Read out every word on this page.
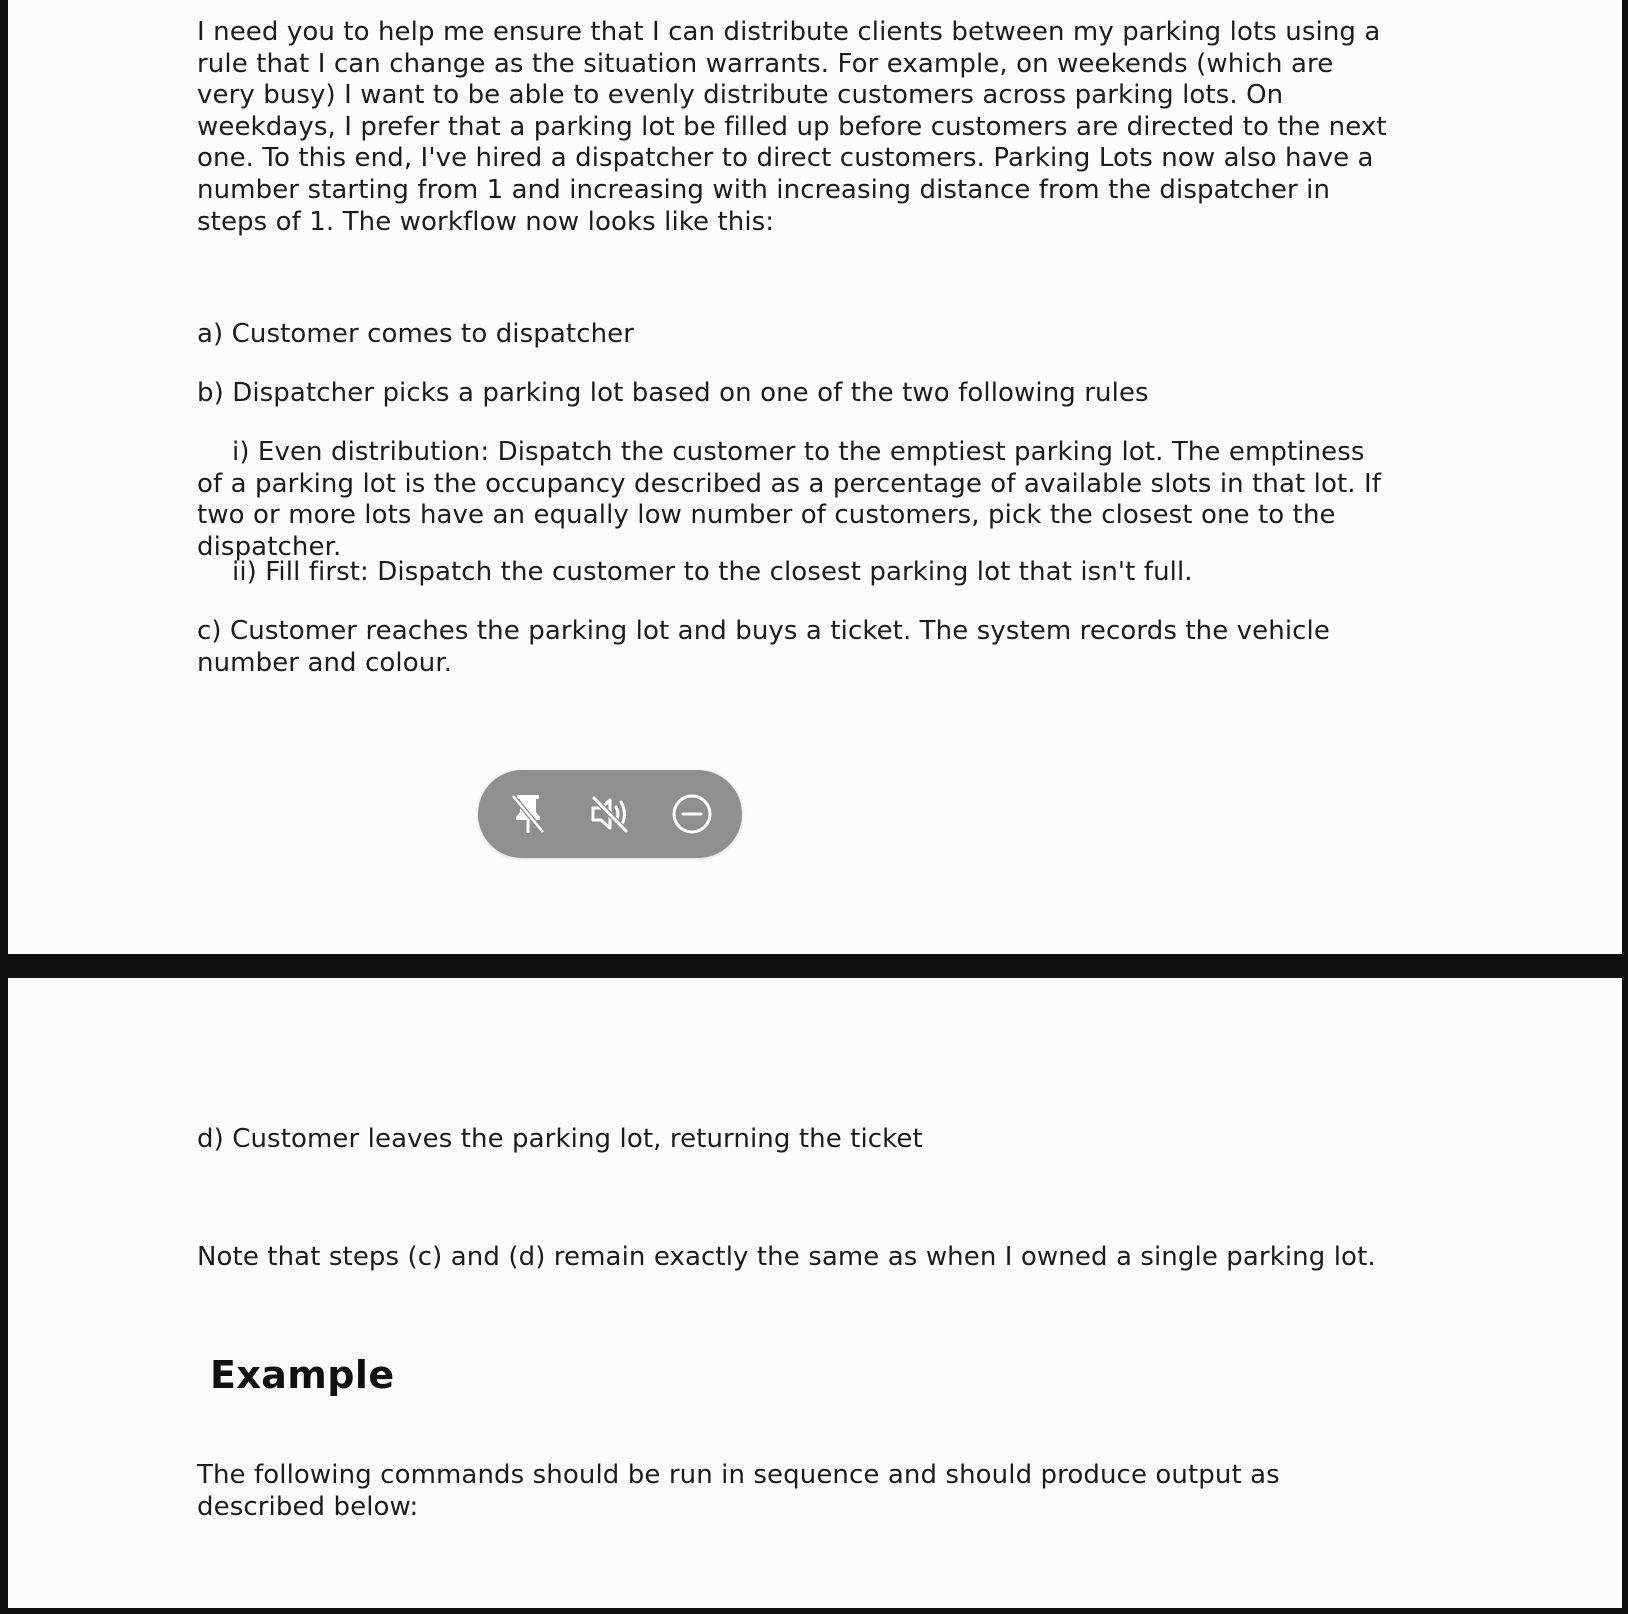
I need you to help me ensure that I can distribute clients between my parking lots using a rule that I can change as the situation warrants. For example, on weekends (which are very busy) I want to be able to evenly distribute customers across parking lots. On weekdays, I prefer that a parking lot be filled up before customers are directed to the next one. To this end, I've hired a dispatcher to direct customers. Parking Lots now also have a number starting from 1 and increasing with increasing distance from the dispatcher in steps of 1. The workflow now looks like this:

a) Customer comes to dispatcher

b) Dispatcher picks a parking lot based on one of the two following rules

i) Even distribution: Dispatch the customer to the emptiest parking lot. The emptiness of a parking lot is the occupancy described as a percentage of available slots in that lot. If two or more lots have an equally low number of customers, pick the closest one to the dispatcher.

ii) Fill first: Dispatch the customer to the closest parking lot that isn't full.

c) Customer reaches the parking lot and buys a ticket. The system records the vehicle number and colour.

d) Customer leaves the parking lot, returning the ticket

Note that steps (c) and (d) remain exactly the same as when I owned a single parking lot.

Example

The following commands should be run in sequence and should produce output as described below:
